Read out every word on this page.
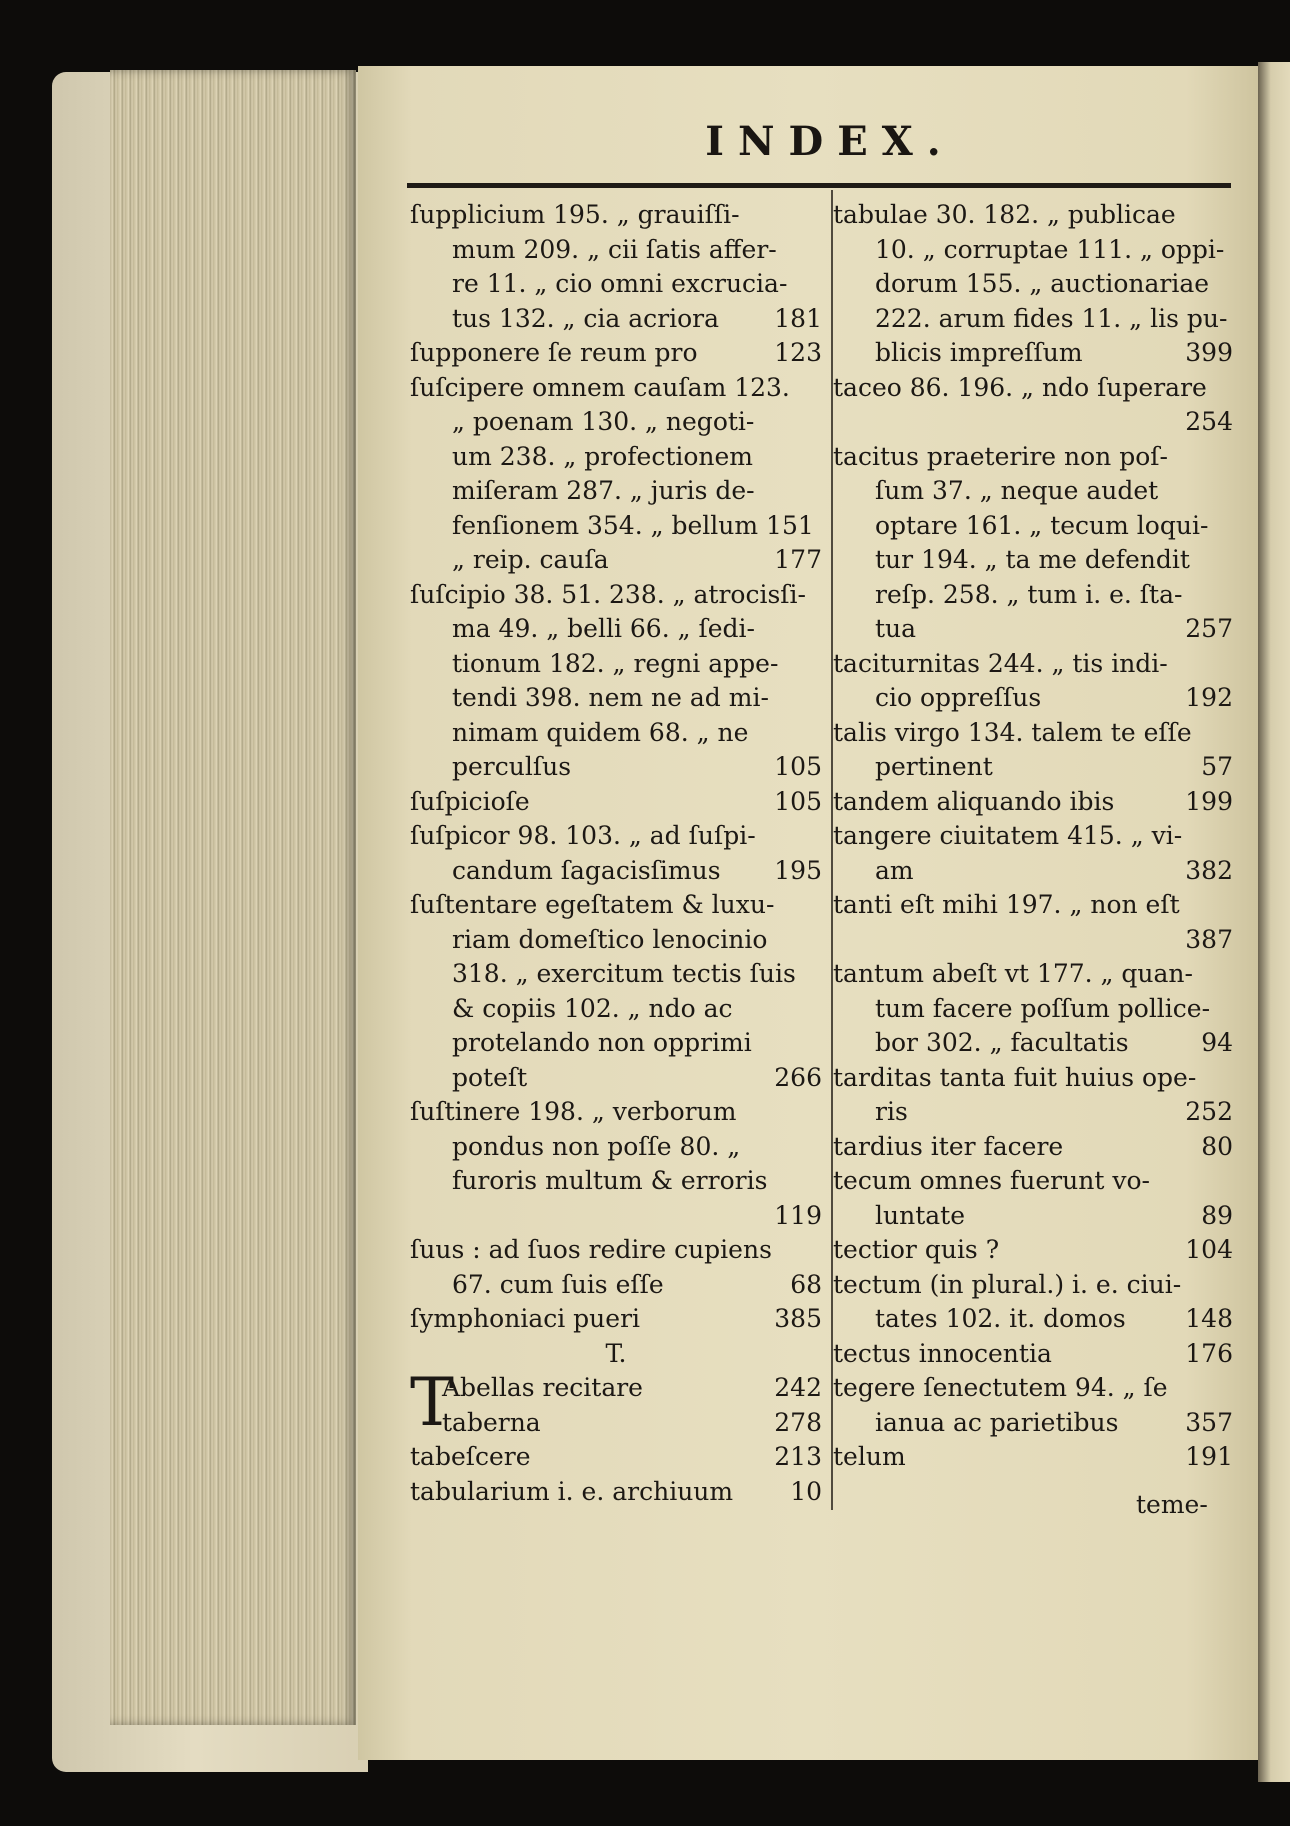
INDEX.
ſupplicium 195. „ grauiſſi-
mum 209. „ cii ſatis affer-
re 11. „ cio omni excrucia-
tus 132. „ cia acriora 181
ſupponere ſe reum pro	123
ſuſcipere omnem cauſam 123.
„ poenam 130. „ negoti-
um 238. „ profectionem
miſeram 287. „ juris de-
fenſionem 354. „ bellum 151
„ reip. cauſa	177
ſuſcipio 38. 51. 238. „ atrocisſi-
ma 49. „ belli 66. „ ſedi-
tionum 182. „ regni appe-
tendi 398. nem ne ad mi-
nimam quidem 68. „ ne
perculſus	105
ſuſpicioſe	105
ſuſpicor 98. 103. „ ad ſuſpi-
candum ſagacisſimus 195
ſuſtentare egeſtatem & luxu-
riam domeſtico lenocinio
318. „ exercitum tectis ſuis
& copiis 102. „ ndo ac
protelando non opprimi
poteſt	266
ſuſtinere 198. „ verborum
pondus non poſſe 80. „
furoris multum & erroris
119
ſuus : ad ſuos redire cupiens
67. cum ſuis eſſe	68
ſymphoniaci pueri	385
T.
T
Abellas recitare	242
taberna	278
tabeſcere	213
tabularium i. e. archiuum 10
tabulae 30. 182. „ publicae
10. „ corruptae 111. „ oppi-
dorum 155. „ auctionariae
222. arum fides 11. „ lis pu-
blicis impreſſum	399
taceo 86. 196. „ ndo ſuperare
254
tacitus praeterire non poſ-
ſum 37. „ neque audet
optare 161. „ tecum loqui-
tur 194. „ ta me defendit
reſp. 258. „ tum i. e. ſta-
tua	257
taciturnitas 244. „ tis indi-
cio oppreſſus	192
talis virgo 134. talem te eſſe
pertinent	57
tandem aliquando ibis	199
tangere ciuitatem 415. „ vi-
am	382
tanti eſt mihi 197. „ non eſt
387
tantum abeſt vt 177. „ quan-
tum facere poſſum pollice-
bor 302. „ facultatis	94
tarditas tanta fuit huius ope-
ris	252
tardius iter facere	80
tecum omnes fuerunt vo-
luntate	89
tectior quis ?	104
tectum (in plural.) i. e. ciui-
tates 102. it. domos 148
tectus innocentia	176
tegere ſenectutem 94. „ ſe
ianua ac parietibus	357
telum	191
teme-
